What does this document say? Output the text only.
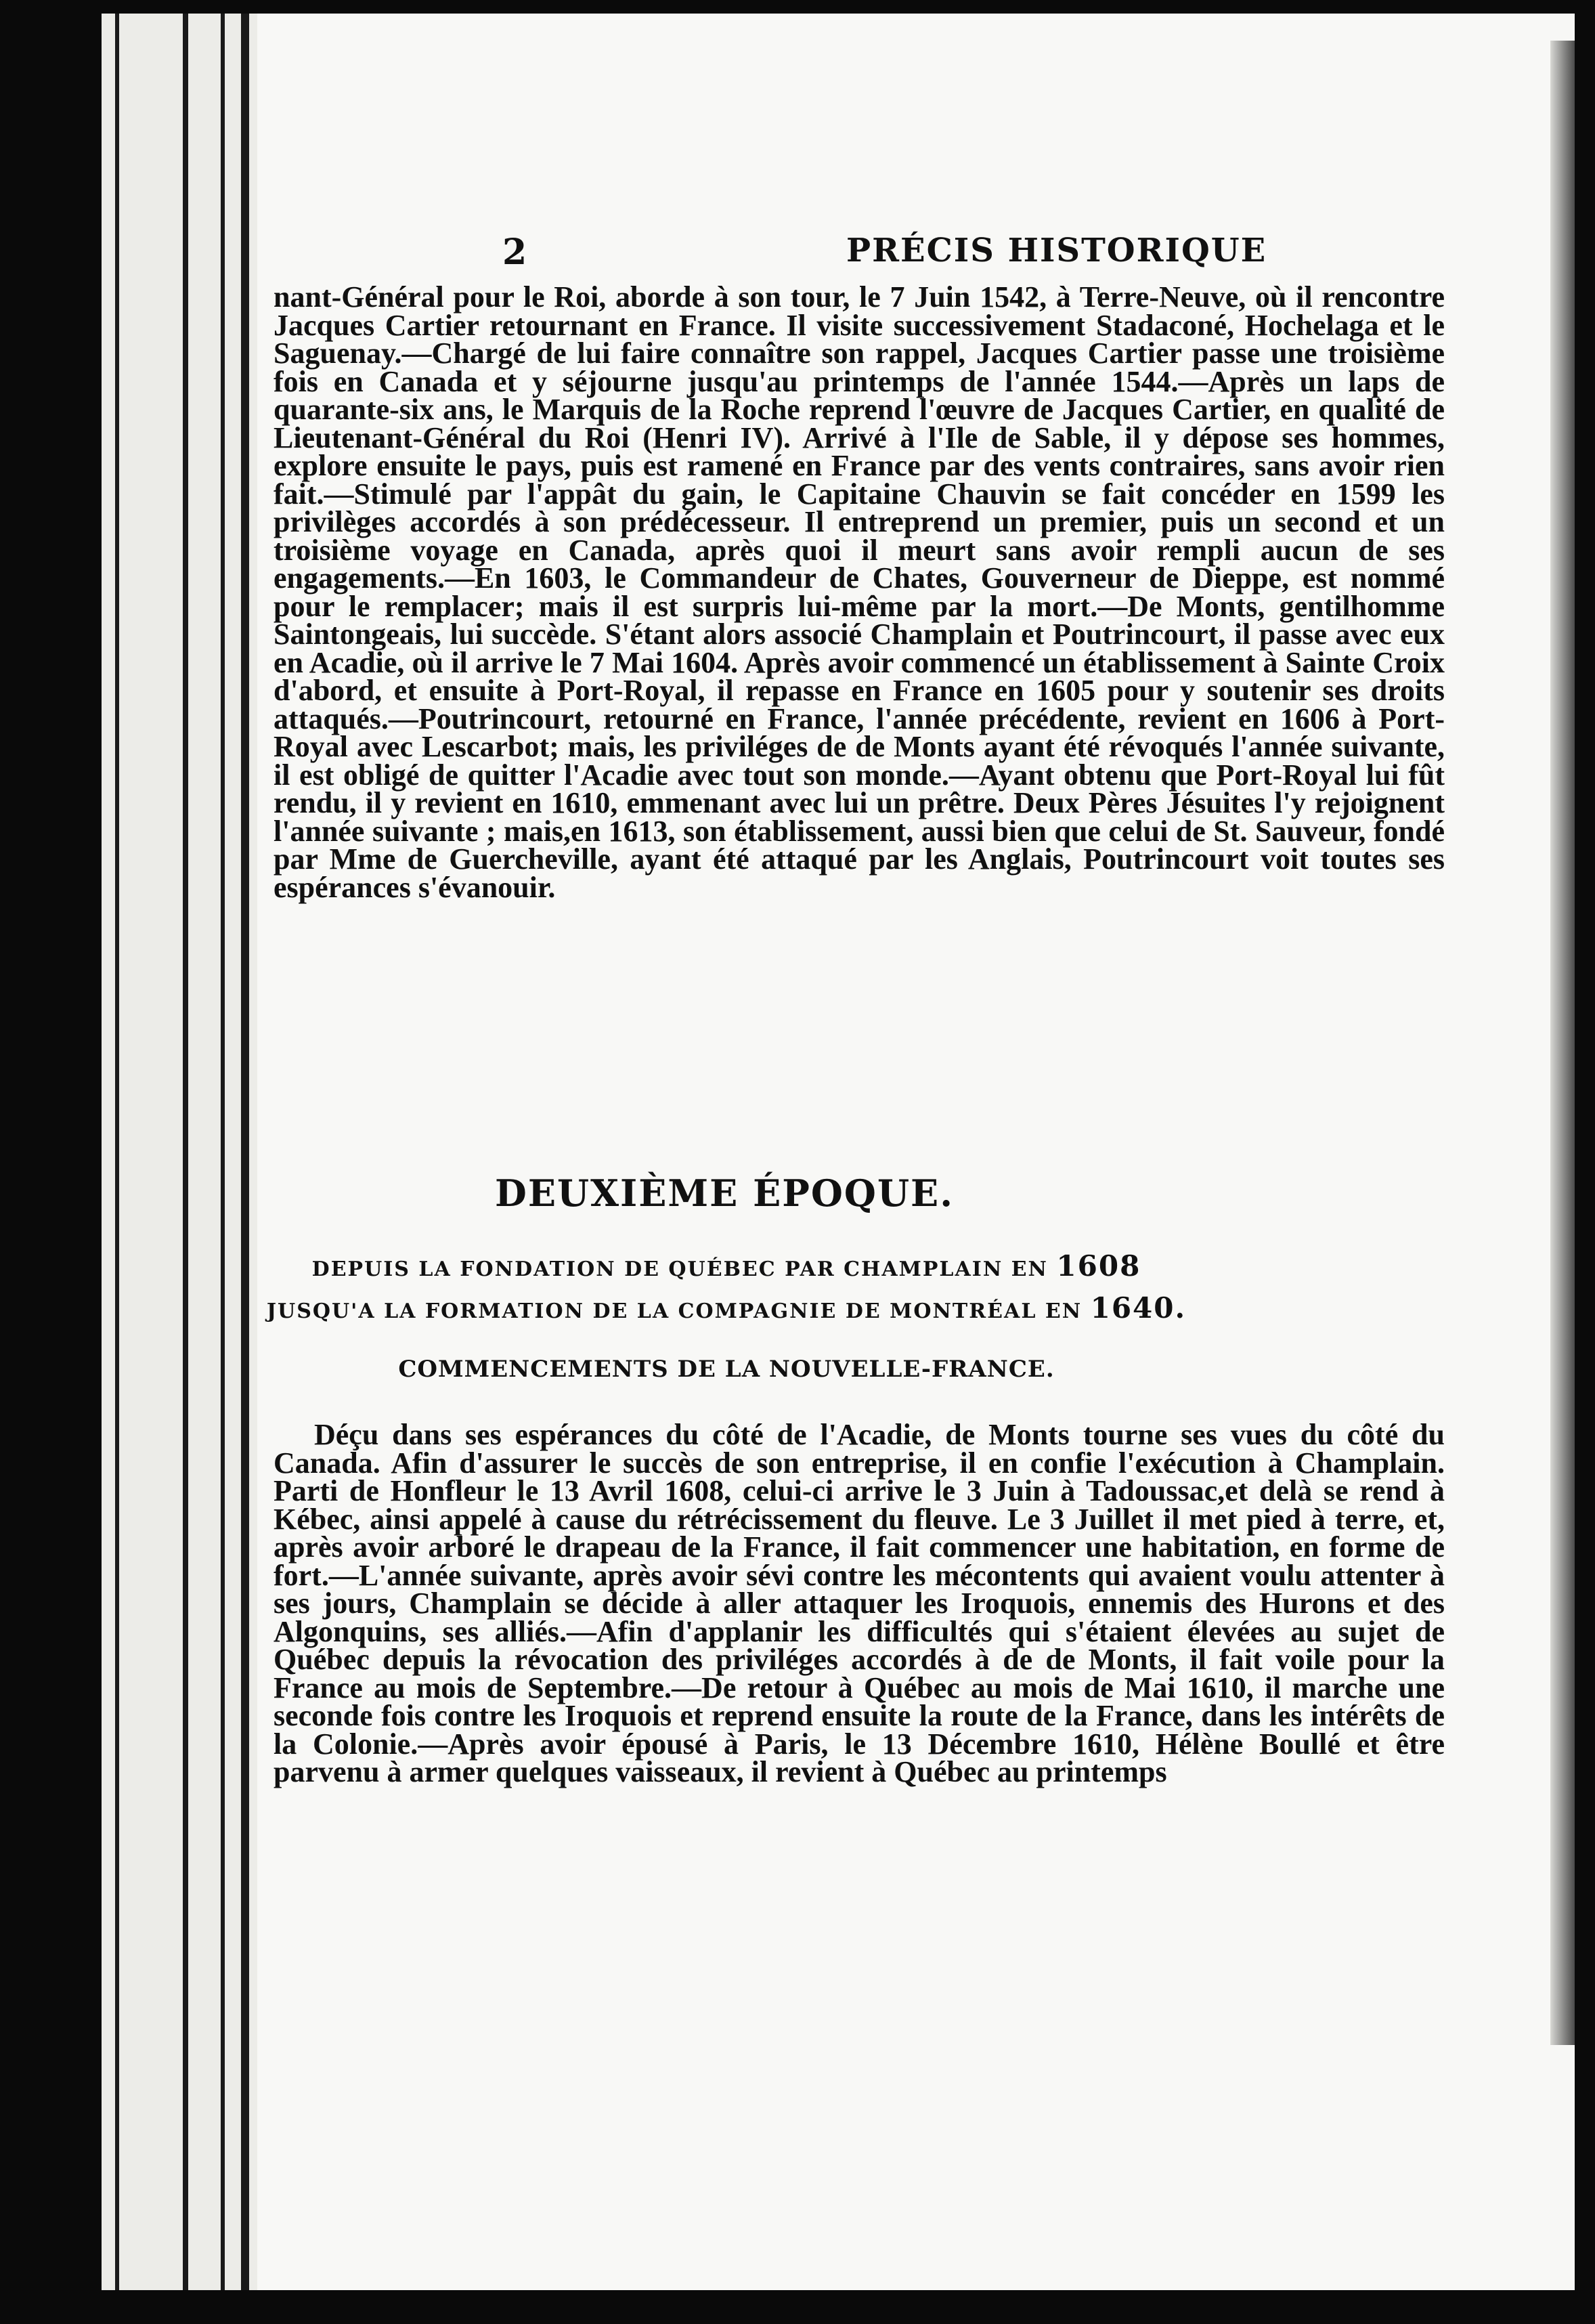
2	PRÉCIS HISTORIQUE
nant-Général pour le Roi, aborde à son tour, le 7 Juin 1542, à Terre-Neuve, où il rencontre Jacques Cartier retournant en France. Il visite successivement Stadaconé, Hochelaga et le Saguenay.—Chargé de lui faire connaître son rappel, Jacques Cartier passe une troisième fois en Canada et y séjourne jusqu'au printemps de l'année 1544.—Après un laps de quarante-six ans, le Marquis de la Roche reprend l'œuvre de Jacques Cartier, en qualité de Lieutenant-Général du Roi (Henri IV). Arrivé à l'Ile de Sable, il y dépose ses hommes, explore ensuite le pays, puis est ramené en France par des vents contraires, sans avoir rien fait.—Stimulé par l'appât du gain, le Capitaine Chauvin se fait concéder en 1599 les privilèges accordés à son prédécesseur. Il entreprend un premier, puis un second et un troisième voyage en Canada, après quoi il meurt sans avoir rempli aucun de ses engagements.—En 1603, le Commandeur de Chates, Gouverneur de Dieppe, est nommé pour le remplacer; mais il est surpris lui-même par la mort.—De Monts, gentilhomme Saintongeais, lui succède. S'étant alors associé Champlain et Poutrincourt, il passe avec eux en Acadie, où il arrive le 7 Mai 1604. Après avoir commencé un établissement à Sainte Croix d'abord, et ensuite à Port-Royal, il repasse en France en 1605 pour y soutenir ses droits attaqués.—Poutrincourt, retourné en France, l'année précédente, revient en 1606 à Port-Royal avec Lescarbot; mais, les priviléges de de Monts ayant été révoqués l'année suivante, il est obligé de quitter l'Acadie avec tout son monde.—Ayant obtenu que Port-Royal lui fût rendu, il y revient en 1610, emmenant avec lui un prêtre. Deux Pères Jésuites l'y rejoignent l'année suivante ; mais,en 1613, son établissement, aussi bien que celui de St. Sauveur, fondé par Mme de Guercheville, ayant été attaqué par les Anglais, Poutrincourt voit toutes ses espérances s'évanouir.
DEUXIÈME ÉPOQUE.
DEPUIS LA FONDATION DE QUÉBEC PAR CHAMPLAIN EN 1608
JUSQU'A LA FORMATION DE LA COMPAGNIE DE MONTRÉAL EN 1640.
COMMENCEMENTS DE LA NOUVELLE-FRANCE.
Déçu dans ses espérances du côté de l'Acadie, de Monts tourne ses vues du côté du Canada. Afin d'assurer le succès de son entreprise, il en confie l'exécution à Champlain. Parti de Honfleur le 13 Avril 1608, celui-ci arrive le 3 Juin à Tadoussac,et delà se rend à Kébec, ainsi appelé à cause du rétrécissement du fleuve. Le 3 Juillet il met pied à terre, et, après avoir arboré le drapeau de la France, il fait commencer une habitation, en forme de fort.—L'année suivante, après avoir sévi contre les mécontents qui avaient voulu attenter à ses jours, Champlain se décide à aller attaquer les Iroquois, ennemis des Hurons et des Algonquins, ses alliés.—Afin d'applanir les difficultés qui s'étaient élevées au sujet de Québec depuis la révocation des priviléges accordés à de de Monts, il fait voile pour la France au mois de Septembre.—De retour à Québec au mois de Mai 1610, il marche une seconde fois contre les Iroquois et reprend ensuite la route de la France, dans les intérêts de la Colonie.—Après avoir épousé à Paris, le 13 Décembre 1610, Hélène Boullé et être parvenu à armer quelques vaisseaux, il revient à Québec au printemps
